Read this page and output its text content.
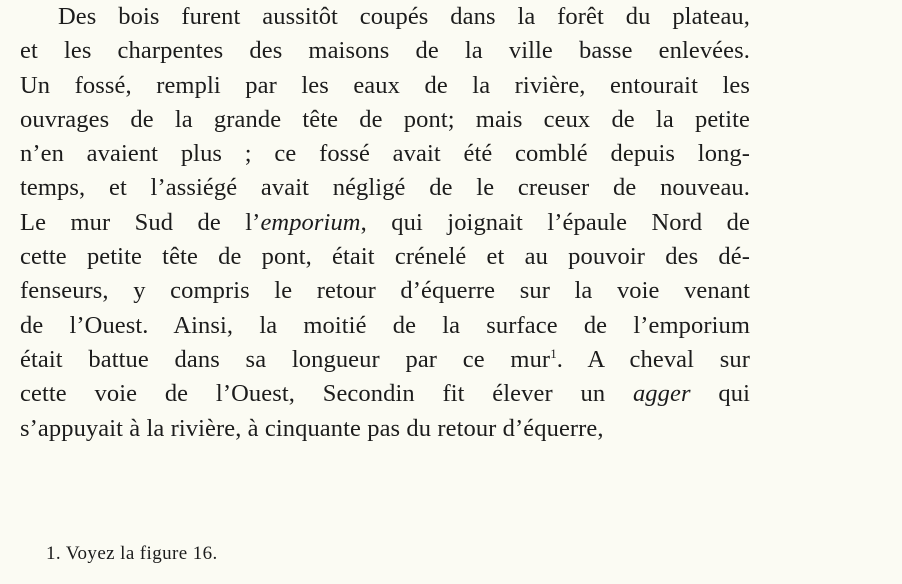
Des bois furent aussitôt coupés dans la forêt du plateau,
et les charpentes des maisons de la ville basse enlevées.
Un fossé, rempli par les eaux de la rivière, entourait les
ouvrages de la grande tête de pont; mais ceux de la petite
n’en avaient plus ; ce fossé avait été comblé depuis long-
temps, et l’assiégé avait négligé de le creuser de nouveau.
Le mur Sud de l’emporium, qui joignait l’épaule Nord de
cette petite tête de pont, était crénelé et au pouvoir des dé-
fenseurs, y compris le retour d’équerre sur la voie venant
de l’Ouest. Ainsi, la moitié de la surface de l’emporium
était battue dans sa longueur par ce mur$^1$. A cheval sur
cette voie de l’Ouest, Secondin fit élever un agger qui
s’appuyait à la rivière, à cinquante pas du retour d’équerre,
1. Voyez la figure 16.
